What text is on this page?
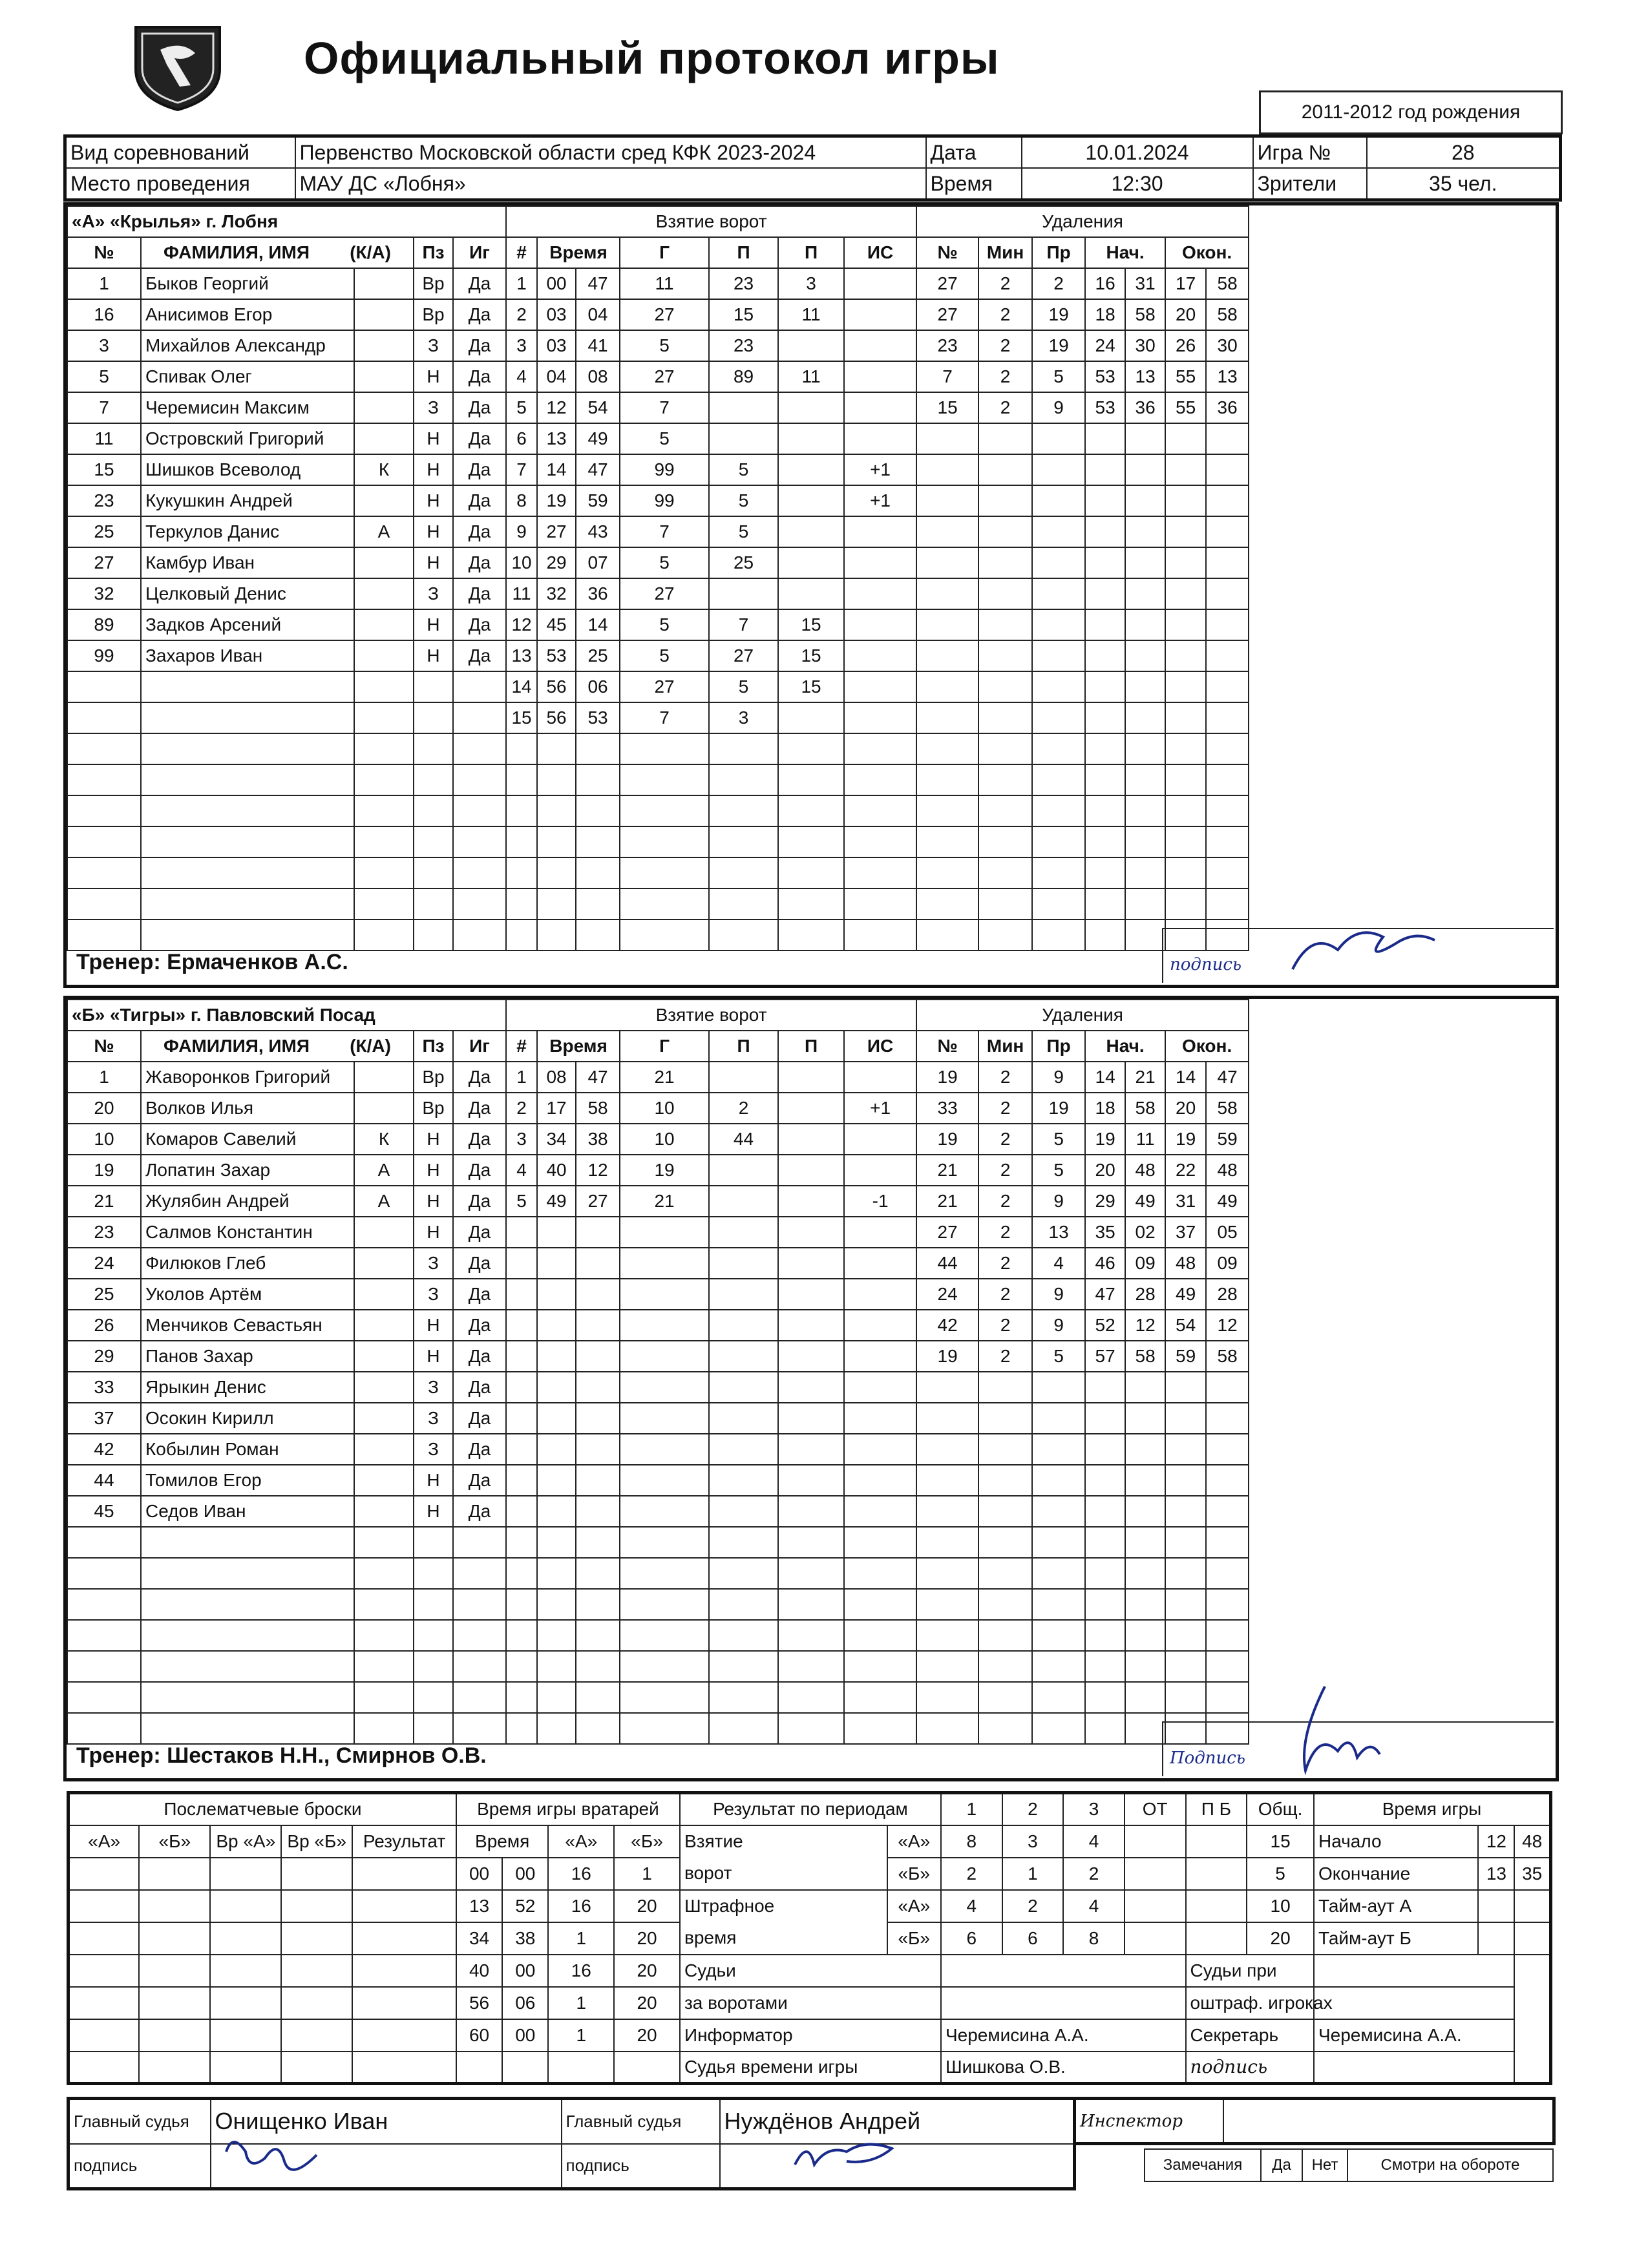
Официальный протокол игры
2011-2012 год рождения
Вид соревнований	Первенство Московской области сред КФК 2023-2024	Дата	10.01.2024	Игра №	28
Место проведения	МАУ ДС «Лобня»	Время	12:30	Зрители	35 чел.
«А» «Крылья» г. Лобня					Взятие ворот							Удаления						
№	ФАМИЛИЯ, ИМЯ (К/А)		Пз	Иг	#	Время		Г	П	П	ИС	№	Мин	Пр	Нач.		Окон.	
1	Быков Георгий		Вр	Да	1	00	47	11	23	3		27	2	2	16	31	17	58
16	Анисимов Егор		Вр	Да	2	03	04	27	15	11		27	2	19	18	58	20	58
3	Михайлов Александр		З	Да	3	03	41	5	23			23	2	19	24	30	26	30
5	Спивак Олег		Н	Да	4	04	08	27	89	11		7	2	5	53	13	55	13
7	Черемисин Максим		З	Да	5	12	54	7				15	2	9	53	36	55	36
11	Островский Григорий		Н	Да	6	13	49	5										
15	Шишков Всеволод	К	Н	Да	7	14	47	99	5		+1							
23	Кукушкин Андрей		Н	Да	8	19	59	99	5		+1							
25	Теркулов Данис	А	Н	Да	9	27	43	7	5									
27	Камбур Иван		Н	Да	10	29	07	5	25									
32	Целковый Денис		З	Да	11	32	36	27										
89	Задков Арсений		Н	Да	12	45	14	5	7	15								
99	Захаров Иван		Н	Да	13	53	25	5	27	15								
					14	56	06	27	5	15								
					15	56	53	7	3									

Тренер: Ермаченков А.С.	подпись
«Б» «Тигры» г. Павловский Посад					Взятие ворот							Удаления						
№	ФАМИЛИЯ, ИМЯ (К/А)		Пз	Иг	#	Время		Г	П	П	ИС	№	Мин	Пр	Нач.		Окон.	
1	Жаворонков Григорий		Вр	Да	1	08	47	21				19	2	9	14	21	14	47
20	Волков Илья		Вр	Да	2	17	58	10	2		+1	33	2	19	18	58	20	58
10	Комаров Савелий	К	Н	Да	3	34	38	10	44			19	2	5	19	11	19	59
19	Лопатин Захар	А	Н	Да	4	40	12	19				21	2	5	20	48	22	48
21	Жулябин Андрей	А	Н	Да	5	49	27	21			-1	21	2	9	29	49	31	49
23	Салмов Константин		Н	Да								27	2	13	35	02	37	05
24	Филюков Глеб		З	Да								44	2	4	46	09	48	09
25	Уколов Артём		З	Да								24	2	9	47	28	49	28
26	Менчиков Севастьян		Н	Да								42	2	9	52	12	54	12
29	Панов Захар		Н	Да								19	2	5	57	58	59	58
33	Ярыкин Денис		З	Да														
37	Осокин Кирилл		З	Да														
42	Кобылин Роман		З	Да														
44	Томилов Егор		Н	Да														
45	Седов Иван		Н	Да														

Тренер: Шестаков Н.Н., Смирнов О.В.	Подпись
Послематчевые броски					Время игры вратарей				Результат по периодам		1	2	3	ОТ	П Б	Общ.	Время игры		
«А»	«Б»	Вр «А»	Вр «Б»	Результат	Время		«А»	«Б»	Взятие	«А»	8	3	4			15	Начало	12	48
					00	00	16	1	ворот	«Б»	2	1	2			5	Окончание	13	35
					13	52	16	20	Штрафное	«А»	4	2	4			10	Тайм-аут А		
					34	38	1	20	время	«Б»	6	6	8			20	Тайм-аут Б		
					40	00	16	20	Судьи						Судьи при				
					56	06	1	20	за воротами						оштраф. игроках				
					60	00	1	20	Информатор		Черемисина А.А.				Секретарь		Черемисина А.А.		
									Судья времени игры		Шишкова О.В.				подпись				
Главный судья	Онищенко Иван	Главный судья	Нуждёнов Андрей
подпись		подпись	
Инспектор	
Замечания	Да	Нет	Смотри на обороте
